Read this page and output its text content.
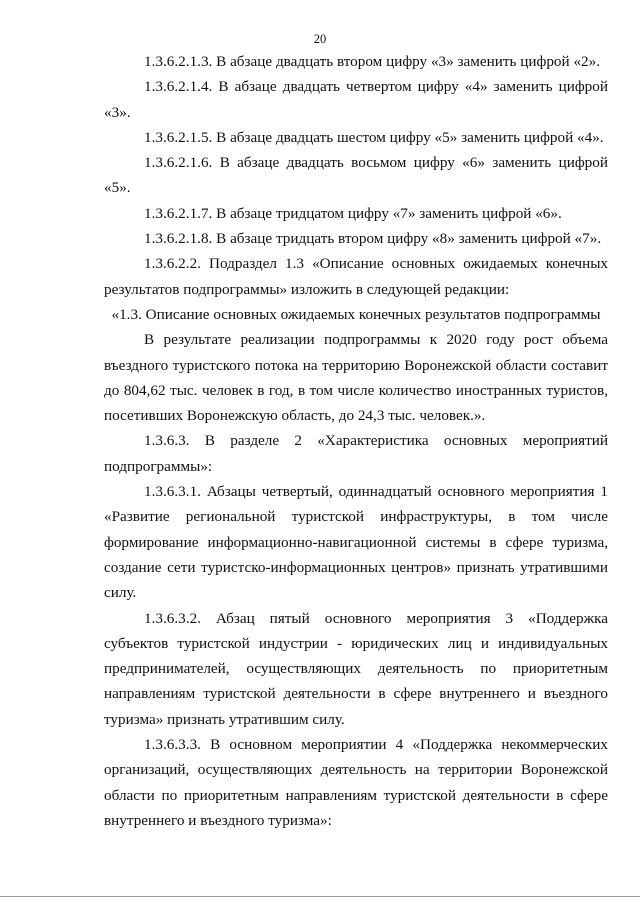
20

1.3.6.2.1.3. В абзаце двадцать втором цифру «3» заменить цифрой «2».

1.3.6.2.1.4. В абзаце двадцать четвертом цифру «4» заменить цифрой «3».

1.3.6.2.1.5. В абзаце двадцать шестом цифру «5» заменить цифрой «4».

1.3.6.2.1.6. В абзаце двадцать восьмом цифру «6» заменить цифрой «5».

1.3.6.2.1.7. В абзаце тридцатом цифру «7» заменить цифрой «6».

1.3.6.2.1.8. В абзаце тридцать втором цифру «8» заменить цифрой «7».

1.3.6.2.2. Подраздел 1.3 «Описание основных ожидаемых конечных результатов подпрограммы» изложить в следующей редакции:

«1.3. Описание основных ожидаемых конечных результатов подпрограммы

В результате реализации подпрограммы к 2020 году рост объема въездного туристского потока на территорию Воронежской области составит до 804,62 тыс. человек в год, в том числе количество иностранных туристов, посетивших Воронежскую область, до 24,3 тыс. человек.».

1.3.6.3. В разделе 2 «Характеристика основных мероприятий подпрограммы»:

1.3.6.3.1. Абзацы четвертый, одиннадцатый основного мероприятия 1 «Развитие региональной туристской инфраструктуры, в том числе формирование информационно-навигационной системы в сфере туризма, создание сети туристско-информационных центров» признать утратившими силу.

1.3.6.3.2. Абзац пятый основного мероприятия 3 «Поддержка субъектов туристской индустрии - юридических лиц и индивидуальных предпринимателей, осуществляющих деятельность по приоритетным направлениям туристской деятельности в сфере внутреннего и въездного туризма» признать утратившим силу.

1.3.6.3.3. В основном мероприятии 4 «Поддержка некоммерческих организаций, осуществляющих деятельность на территории Воронежской области по приоритетным направлениям туристской деятельности в сфере внутреннего и въездного туризма»:
